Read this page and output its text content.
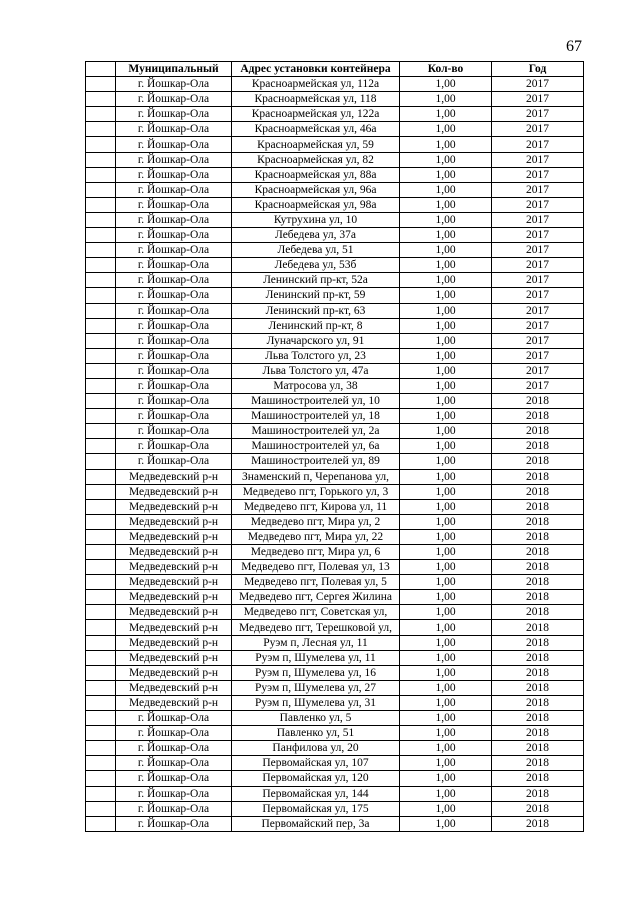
67
	Муниципальный	Адрес установки контейнера	Кол-во	Год
	г. Йошкар-Ола	Красноармейская ул, 112а	1,00	2017
	г. Йошкар-Ола	Красноармейская ул, 118	1,00	2017
	г. Йошкар-Ола	Красноармейская ул, 122а	1,00	2017
	г. Йошкар-Ола	Красноармейская ул, 46а	1,00	2017
	г. Йошкар-Ола	Красноармейская ул, 59	1,00	2017
	г. Йошкар-Ола	Красноармейская ул, 82	1,00	2017
	г. Йошкар-Ола	Красноармейская ул, 88а	1,00	2017
	г. Йошкар-Ола	Красноармейская ул, 96а	1,00	2017
	г. Йошкар-Ола	Красноармейская ул, 98а	1,00	2017
	г. Йошкар-Ола	Кутрухина ул, 10	1,00	2017
	г. Йошкар-Ола	Лебедева ул, 37а	1,00	2017
	г. Йошкар-Ола	Лебедева ул, 51	1,00	2017
	г. Йошкар-Ола	Лебедева ул, 53б	1,00	2017
	г. Йошкар-Ола	Ленинский пр-кт, 52а	1,00	2017
	г. Йошкар-Ола	Ленинский пр-кт, 59	1,00	2017
	г. Йошкар-Ола	Ленинский пр-кт, 63	1,00	2017
	г. Йошкар-Ола	Ленинский пр-кт, 8	1,00	2017
	г. Йошкар-Ола	Луначарского ул, 91	1,00	2017
	г. Йошкар-Ола	Льва Толстого ул, 23	1,00	2017
	г. Йошкар-Ола	Льва Толстого ул, 47а	1,00	2017
	г. Йошкар-Ола	Матросова ул, 38	1,00	2017
	г. Йошкар-Ола	Машиностроителей ул, 10	1,00	2018
	г. Йошкар-Ола	Машиностроителей ул, 18	1,00	2018
	г. Йошкар-Ола	Машиностроителей ул, 2а	1,00	2018
	г. Йошкар-Ола	Машиностроителей ул, 6а	1,00	2018
	г. Йошкар-Ола	Машиностроителей ул, 89	1,00	2018
	Медведевский р-н	Знаменский п, Черепанова ул,	1,00	2018
	Медведевский р-н	Медведево пгт, Горького ул, 3	1,00	2018
	Медведевский р-н	Медведево пгт, Кирова ул, 11	1,00	2018
	Медведевский р-н	Медведево пгт, Мира ул, 2	1,00	2018
	Медведевский р-н	Медведево пгт, Мира ул, 22	1,00	2018
	Медведевский р-н	Медведево пгт, Мира ул, 6	1,00	2018
	Медведевский р-н	Медведево пгт, Полевая ул, 13	1,00	2018
	Медведевский р-н	Медведево пгт, Полевая ул, 5	1,00	2018
	Медведевский р-н	Медведево пгт, Сергея Жилина	1,00	2018
	Медведевский р-н	Медведево пгт, Советская ул,	1,00	2018
	Медведевский р-н	Медведево пгт, Терешковой ул,	1,00	2018
	Медведевский р-н	Руэм п, Лесная ул, 11	1,00	2018
	Медведевский р-н	Руэм п, Шумелева ул, 11	1,00	2018
	Медведевский р-н	Руэм п, Шумелева ул, 16	1,00	2018
	Медведевский р-н	Руэм п, Шумелева ул, 27	1,00	2018
	Медведевский р-н	Руэм п, Шумелева ул, 31	1,00	2018
	г. Йошкар-Ола	Павленко ул, 5	1,00	2018
	г. Йошкар-Ола	Павленко ул, 51	1,00	2018
	г. Йошкар-Ола	Панфилова ул, 20	1,00	2018
	г. Йошкар-Ола	Первомайская ул, 107	1,00	2018
	г. Йошкар-Ола	Первомайская ул, 120	1,00	2018
	г. Йошкар-Ола	Первомайская ул, 144	1,00	2018
	г. Йошкар-Ола	Первомайская ул, 175	1,00	2018
	г. Йошкар-Ола	Первомайский пер, 3а	1,00	2018
